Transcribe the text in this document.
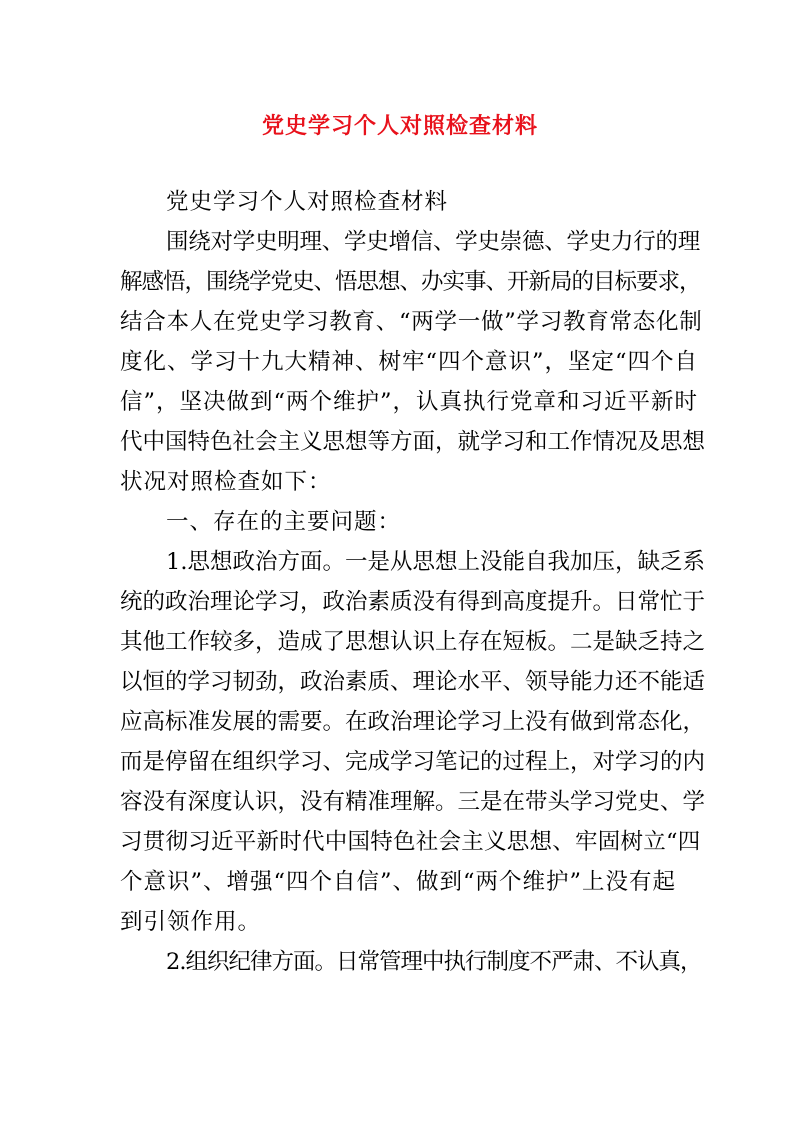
党史学习个人对照检查材料
党史学习个人对照检查材料
围绕对学史明理、学史增信、学史崇德、学史力行的理
解感悟，围绕学党史、悟思想、办实事、开新局的目标要求，
结合本人在党史学习教育、“两学一做”学习教育常态化制
度化、学习十九大精神、树牢“四个意识”，坚定“四个自
信”，坚决做到“两个维护”，认真执行党章和习近平新时
代中国特色社会主义思想等方面，就学习和工作情况及思想
状况对照检查如下：
一、存在的主要问题：
1.思想政治方面。一是从思想上没能自我加压，缺乏系
统的政治理论学习，政治素质没有得到高度提升。日常忙于
其他工作较多，造成了思想认识上存在短板。二是缺乏持之
以恒的学习韧劲，政治素质、理论水平、领导能力还不能适
应高标准发展的需要。在政治理论学习上没有做到常态化，
而是停留在组织学习、完成学习笔记的过程上，对学习的内
容没有深度认识，没有精准理解。三是在带头学习党史、学
习贯彻习近平新时代中国特色社会主义思想、牢固树立“四
个意识”、增强“四个自信”、做到“两个维护”上没有起
到引领作用。
2.组织纪律方面。日常管理中执行制度不严肃、不认真，
